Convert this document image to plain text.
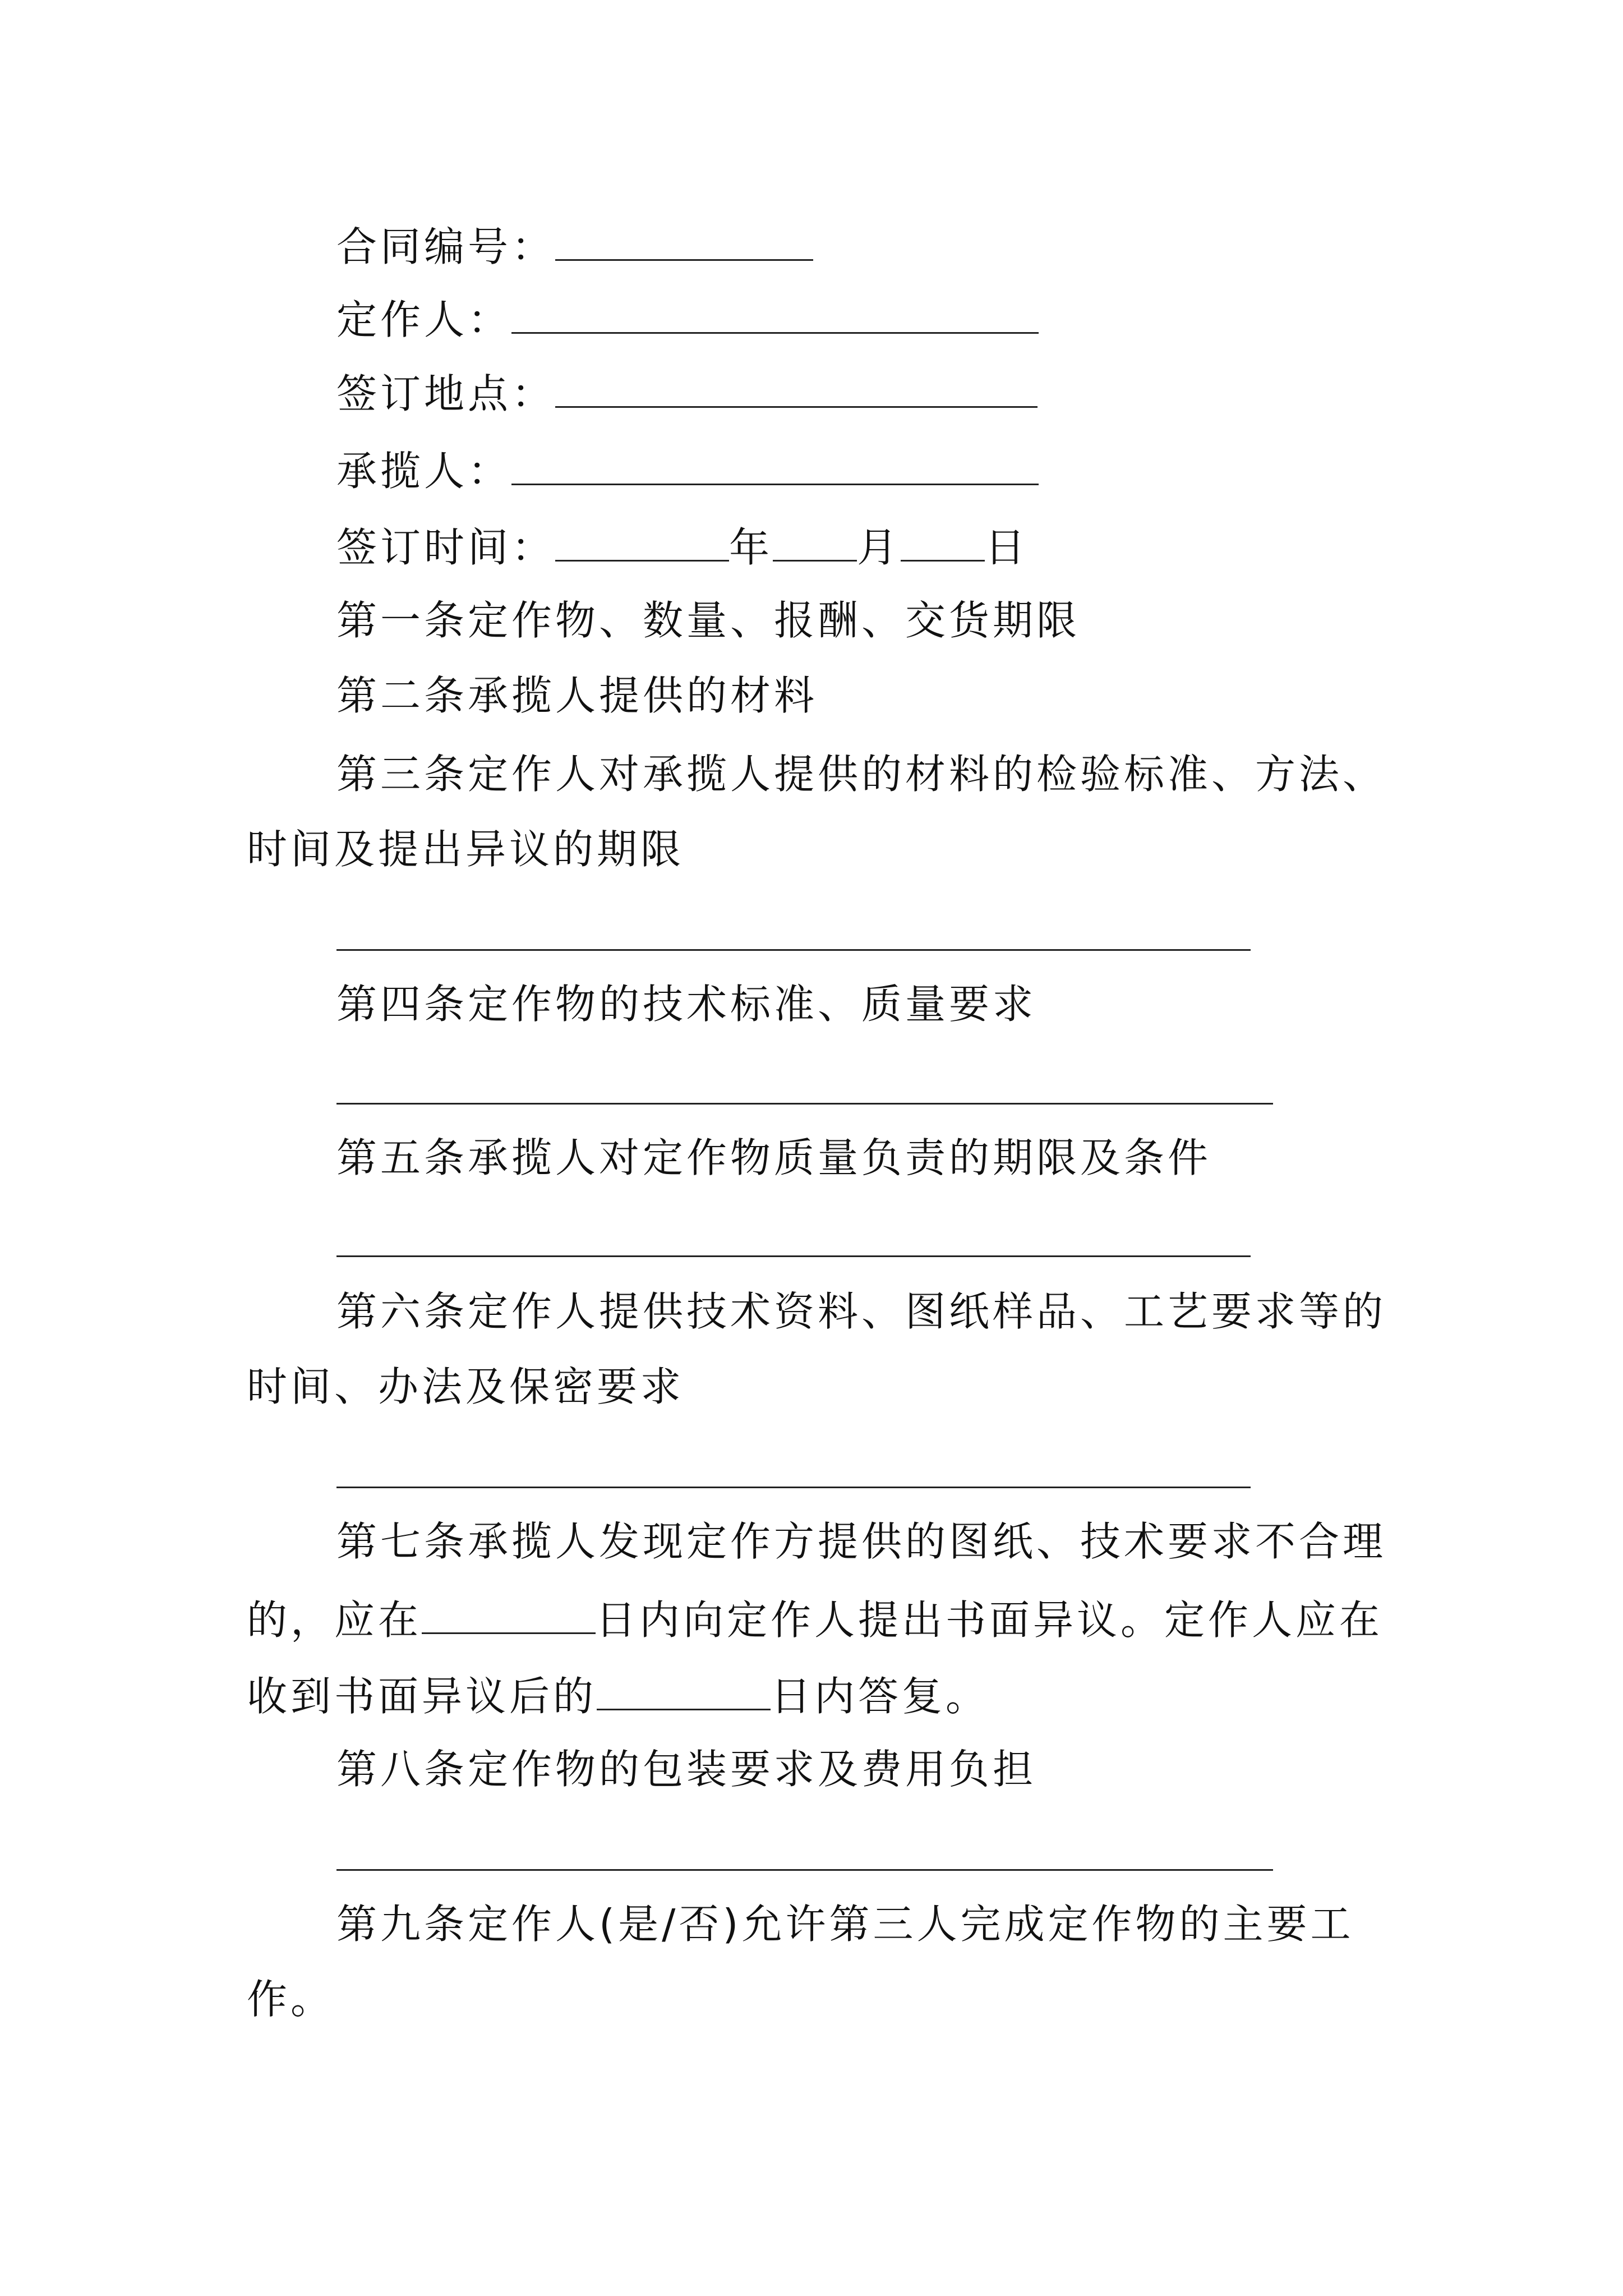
合同编号：
定作人：
签订地点：
承揽人：
签订时间：	年 月 日
第一条定作物、数量、报酬、交货期限
第二条承揽人提供的材料
第三条定作人对承揽人提供的材料的检验标准、方法、
时间及提出异议的期限
第四条定作物的技术标准、质量要求
第五条承揽人对定作物质量负责的期限及条件
第六条定作人提供技术资料、图纸样品、工艺要求等的
时间、办法及保密要求
第七条承揽人发现定作方提供的图纸、技术要求不合理
的，应在	日内向定作人提出书面异议。定作人应在
收到书面异议后的	日内答复。
第八条定作物的包装要求及费用负担
第九条定作人(是/否)允许第三人完成定作物的主要工
作。
